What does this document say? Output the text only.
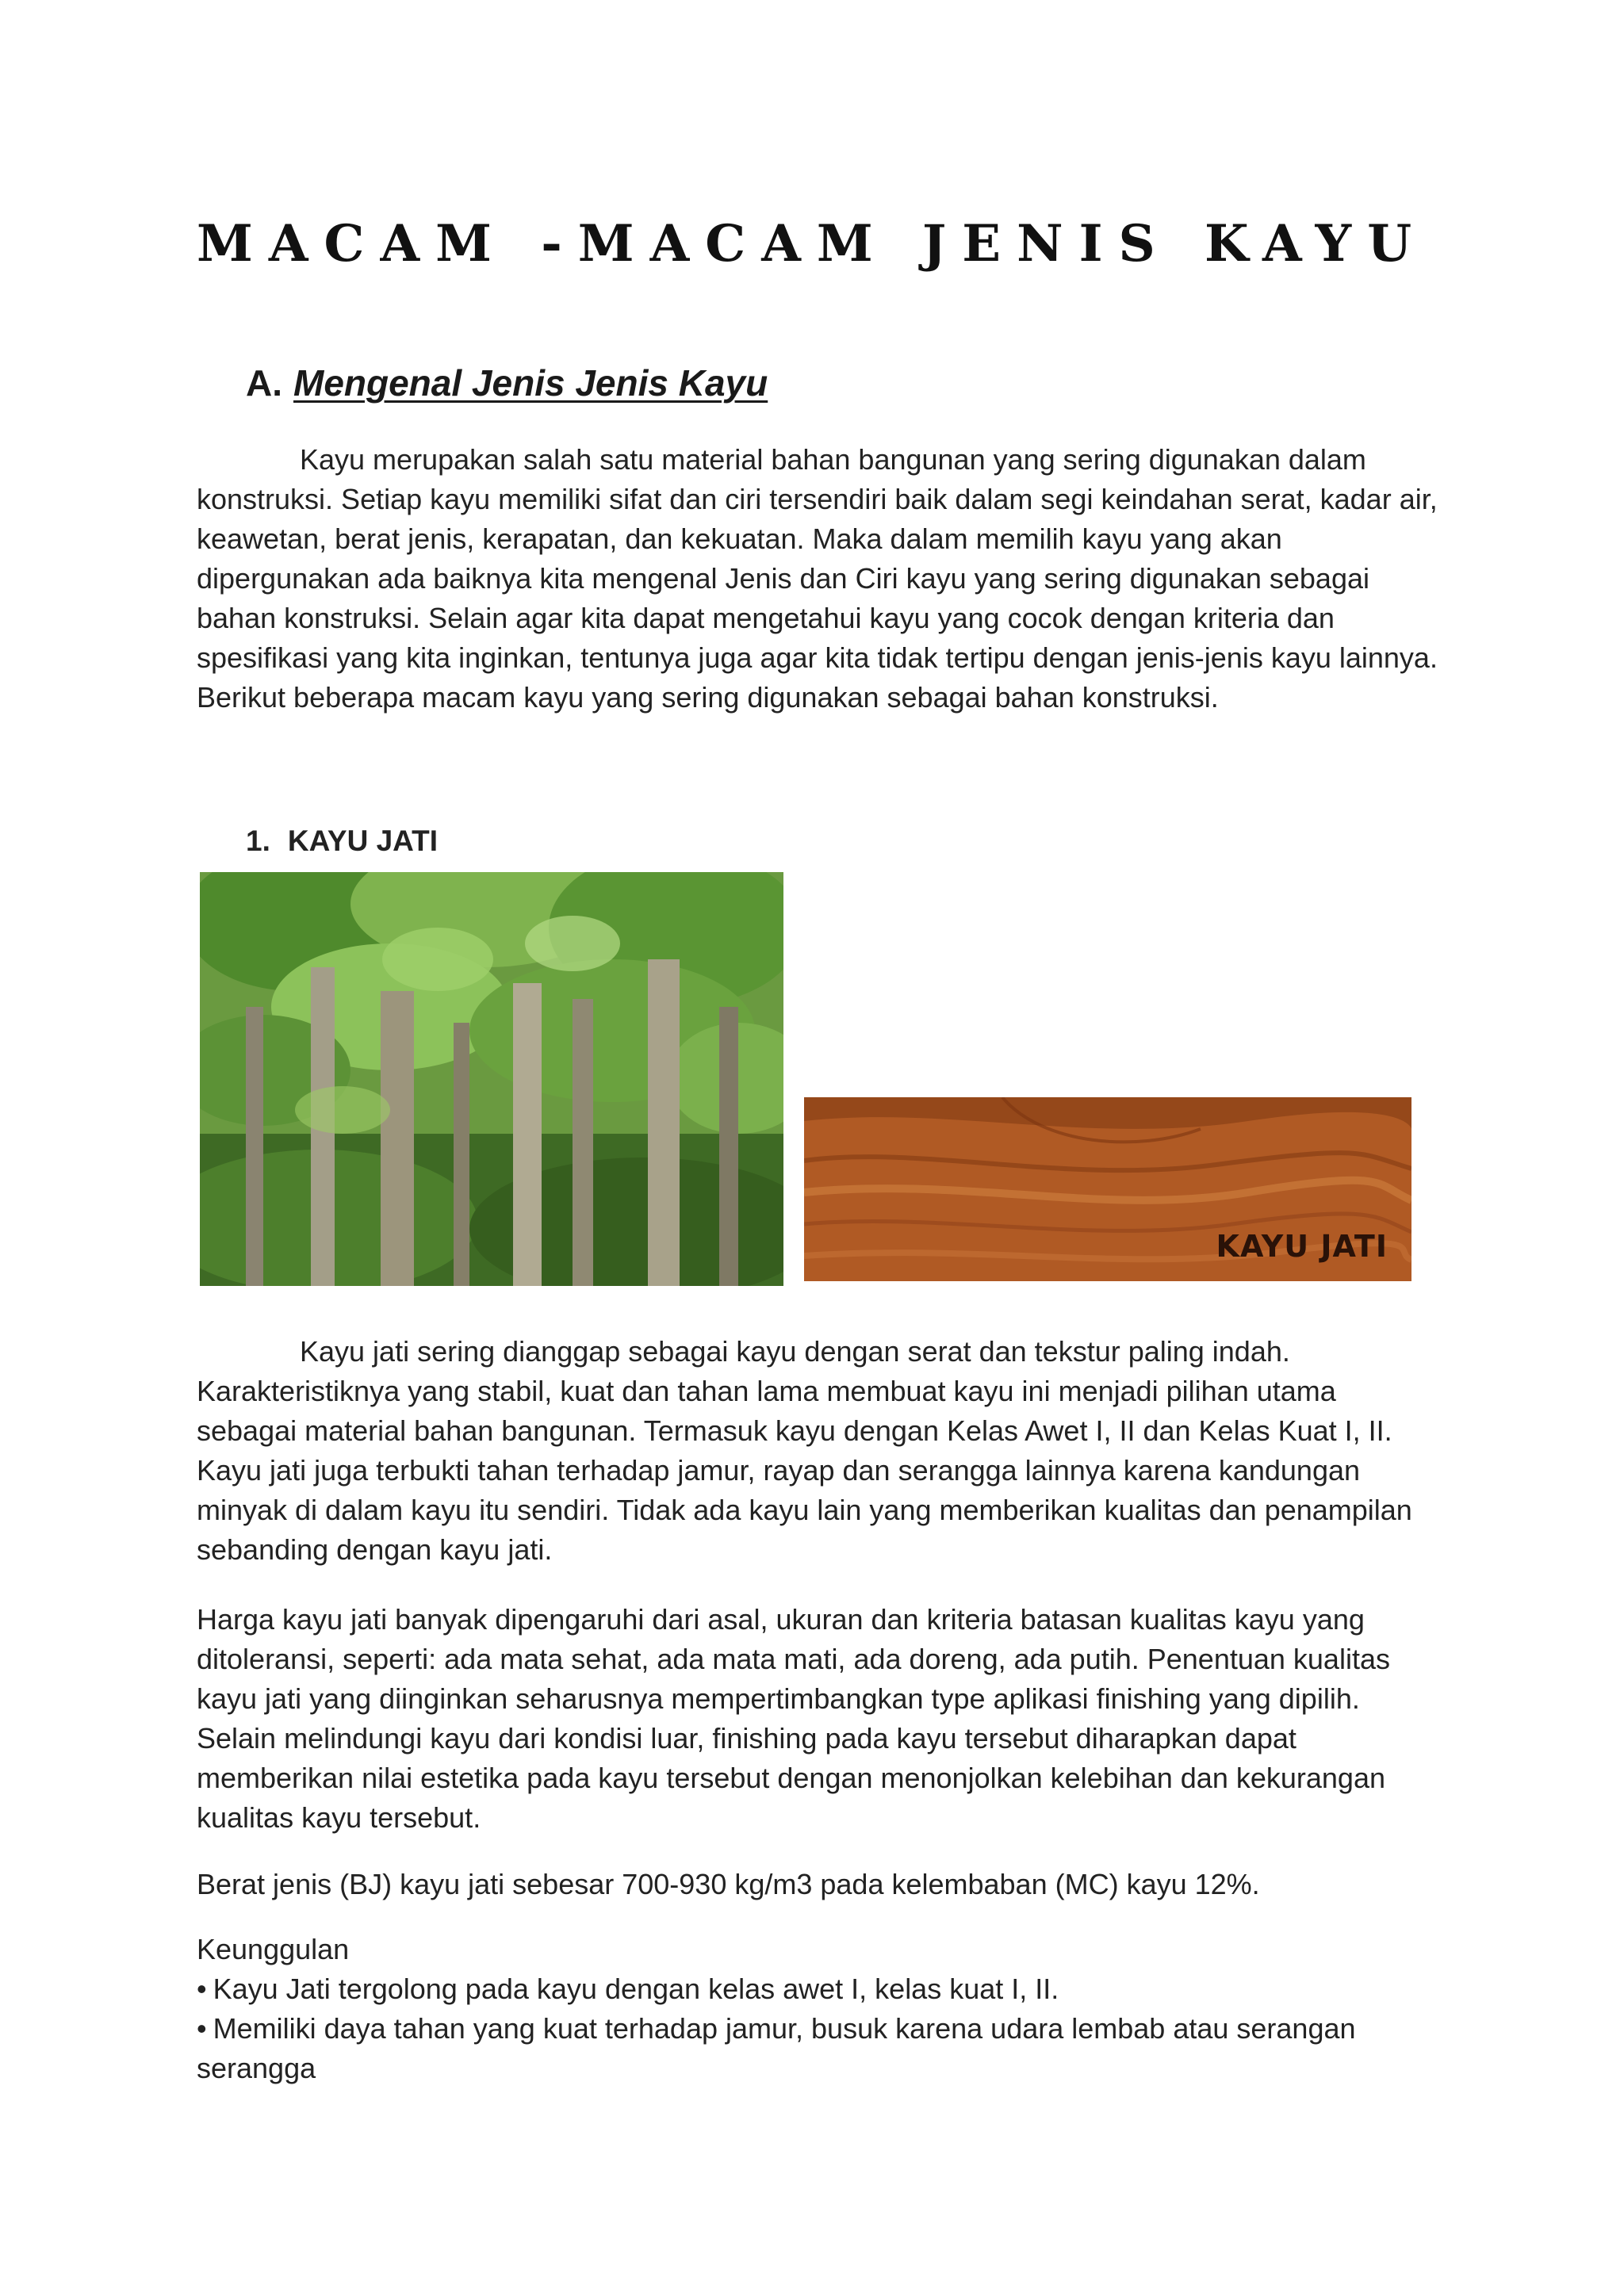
MACAM -MACAM JENIS KAYU
A. Mengenal Jenis Jenis Kayu

Kayu merupakan salah satu material bahan bangunan yang sering digunakan dalam konstruksi. Setiap kayu memiliki sifat dan ciri tersendiri baik dalam segi keindahan serat, kadar air, keawetan, berat jenis, kerapatan, dan kekuatan. Maka dalam memilih kayu yang akan dipergunakan ada baiknya kita mengenal Jenis dan Ciri kayu yang sering digunakan sebagai bahan konstruksi. Selain agar kita dapat mengetahui kayu yang cocok dengan kriteria dan spesifikasi yang kita inginkan, tentunya juga agar kita tidak tertipu dengan jenis-jenis kayu lainnya. Berikut beberapa macam kayu yang sering digunakan sebagai bahan konstruksi.

1. KAYU JATI
KAYU JATI

Kayu jati sering dianggap sebagai kayu dengan serat dan tekstur paling indah. Karakteristiknya yang stabil, kuat dan tahan lama membuat kayu ini menjadi pilihan utama sebagai material bahan bangunan. Termasuk kayu dengan Kelas Awet I, II dan Kelas Kuat I, II. Kayu jati juga terbukti tahan terhadap jamur, rayap dan serangga lainnya karena kandungan minyak di dalam kayu itu sendiri. Tidak ada kayu lain yang memberikan kualitas dan penampilan sebanding dengan kayu jati.

Harga kayu jati banyak dipengaruhi dari asal, ukuran dan kriteria batasan kualitas kayu yang ditoleransi, seperti: ada mata sehat, ada mata mati, ada doreng, ada putih. Penentuan kualitas kayu jati yang diinginkan seharusnya mempertimbangkan type aplikasi finishing yang dipilih. Selain melindungi kayu dari kondisi luar, finishing pada kayu tersebut diharapkan dapat memberikan nilai estetika pada kayu tersebut dengan menonjolkan kelebihan dan kekurangan kualitas kayu tersebut.

Berat jenis (BJ) kayu jati sebesar 700-930 kg/m3 pada kelembaban (MC) kayu 12%.

Keunggulan

• Kayu Jati tergolong pada kayu dengan kelas awet I, kelas kuat I, II.
• Memiliki daya tahan yang kuat terhadap jamur, busuk karena udara lembab atau serangan serangga
